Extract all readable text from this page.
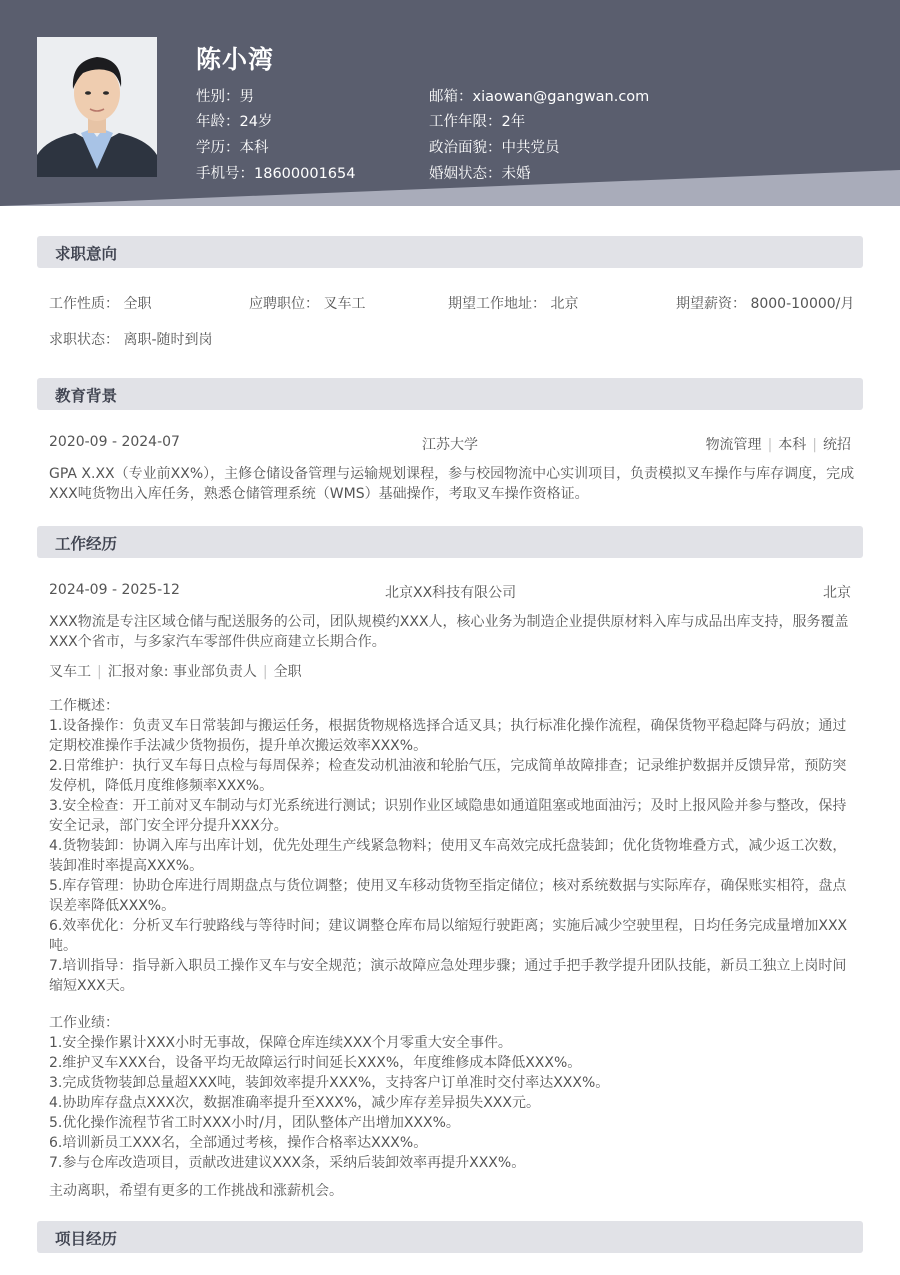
陈小湾
性别：男
年龄：24岁
学历：本科
手机号：18600001654
邮箱：xiaowan@gangwan.com
工作年限：2年
政治面貌：中共党员
婚姻状态：未婚
求职意向
工作性质： 全职	应聘职位： 叉车工	期望工作地址： 北京	期望薪资： 8000-10000/月
求职状态： 离职-随时到岗
教育背景
2020-09 - 2024-07	江苏大学	物流管理 | 本科 | 统招
GPA X.XX（专业前XX%），主修仓储设备管理与运输规划课程，参与校园物流中心实训项目，负责模拟叉车操作与库存调度，完成XXX吨货物出入库任务，熟悉仓储管理系统（WMS）基础操作，考取叉车操作资格证。
工作经历
2024-09 - 2025-12	北京XX科技有限公司	北京
XXX物流是专注区域仓储与配送服务的公司，团队规模约XXX人，核心业务为制造企业提供原材料入库与成品出库支持，服务覆盖XXX个省市，与多家汽车零部件供应商建立长期合作。
叉车工 | 汇报对象: 事业部负责人 | 全职
工作概述：
1.设备操作：负责叉车日常装卸与搬运任务，根据货物规格选择合适叉具；执行标准化操作流程，确保货物平稳起降与码放；通过定期校准操作手法减少货物损伤，提升单次搬运效率XXX%。
2.日常维护：执行叉车每日点检与每周保养；检查发动机油液和轮胎气压，完成简单故障排查；记录维护数据并反馈异常，预防突发停机，降低月度维修频率XXX%。
3.安全检查：开工前对叉车制动与灯光系统进行测试；识别作业区域隐患如通道阻塞或地面油污；及时上报风险并参与整改，保持安全记录，部门安全评分提升XXX分。
4.货物装卸：协调入库与出库计划，优先处理生产线紧急物料；使用叉车高效完成托盘装卸；优化货物堆叠方式，减少返工次数，装卸准时率提高XXX%。
5.库存管理：协助仓库进行周期盘点与货位调整；使用叉车移动货物至指定储位；核对系统数据与实际库存，确保账实相符，盘点误差率降低XXX%。
6.效率优化：分析叉车行驶路线与等待时间；建议调整仓库布局以缩短行驶距离；实施后减少空驶里程，日均任务完成量增加XXX吨。
7.培训指导：指导新入职员工操作叉车与安全规范；演示故障应急处理步骤；通过手把手教学提升团队技能，新员工独立上岗时间缩短XXX天。
工作业绩：
1.安全操作累计XXX小时无事故，保障仓库连续XXX个月零重大安全事件。
2.维护叉车XXX台，设备平均无故障运行时间延长XXX%，年度维修成本降低XXX%。
3.完成货物装卸总量超XXX吨，装卸效率提升XXX%，支持客户订单准时交付率达XXX%。
4.协助库存盘点XXX次，数据准确率提升至XXX%，减少库存差异损失XXX元。
5.优化操作流程节省工时XXX小时/月，团队整体产出增加XXX%。
6.培训新员工XXX名，全部通过考核，操作合格率达XXX%。
7.参与仓库改造项目，贡献改进建议XXX条，采纳后装卸效率再提升XXX%。
主动离职，希望有更多的工作挑战和涨薪机会。
项目经历
